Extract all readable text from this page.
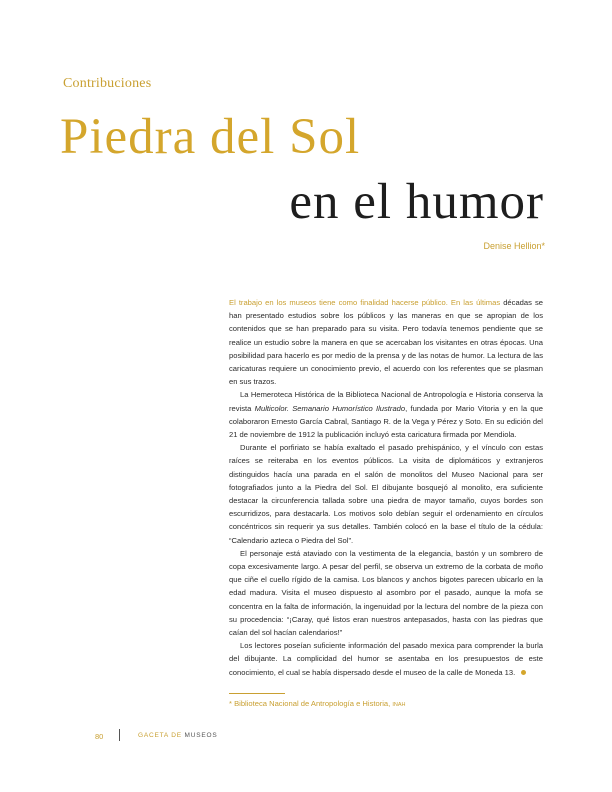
Contribuciones
Piedra del Sol
en el humor
Denise Hellion*

El trabajo en los museos tiene como finalidad hacerse público. En las últimas décadas se han presentado estudios sobre los públicos y las maneras en que se apropian de los contenidos que se han preparado para su visita. Pero todavía tenemos pendiente que se realice un estudio sobre la manera en que se acercaban los visitantes en otras épocas. Una posibilidad para hacerlo es por medio de la prensa y de las notas de humor. La lectura de las caricaturas requiere un conocimiento previo, el acuerdo con los referentes que se plasman en sus trazos.

La Hemeroteca Histórica de la Biblioteca Nacional de Antropología e Historia conserva la revista Multicolor. Semanario Humorístico Ilustrado, fundada por Mario Vitoria y en la que colaboraron Ernesto García Cabral, Santiago R. de la Vega y Pérez y Soto. En su edición del 21 de noviembre de 1912 la publicación incluyó esta caricatura firmada por Mendiola.

Durante el porfiriato se había exaltado el pasado prehispánico, y el vínculo con estas raíces se reiteraba en los eventos públicos. La visita de diplomáticos y extranjeros distinguidos hacía una parada en el salón de monolitos del Museo Nacional para ser fotografiados junto a la Piedra del Sol. El dibujante bosquejó al monolito, era suficiente destacar la circunferencia tallada sobre una piedra de mayor tamaño, cuyos bordes son escurridizos, para destacarla. Los motivos solo debían seguir el ordenamiento en círculos concéntricos sin requerir ya sus detalles. También colocó en la base el título de la cédula: “Calendario azteca o Piedra del Sol”.

El personaje está ataviado con la vestimenta de la elegancia, bastón y un sombrero de copa excesivamente largo. A pesar del perfil, se observa un extremo de la corbata de moño que ciñe el cuello rígido de la camisa. Los blancos y anchos bigotes parecen ubicarlo en la edad madura. Visita el museo dispuesto al asombro por el pasado, aunque la mofa se concentra en la falta de información, la ingenuidad por la lectura del nombre de la pieza con su procedencia: “¡Caray, qué listos eran nuestros antepasados, hasta con las piedras que caían del sol hacían calendarios!”

Los lectores poseían suficiente información del pasado mexica para comprender la burla del dibujante. La complicidad del humor se asentaba en los presupuestos de este conocimiento, el cual se había dispersado desde el museo de la calle de Moneda 13.

* Biblioteca Nacional de Antropología e Historia, INAH
80	GACETA DE MUSEOS
